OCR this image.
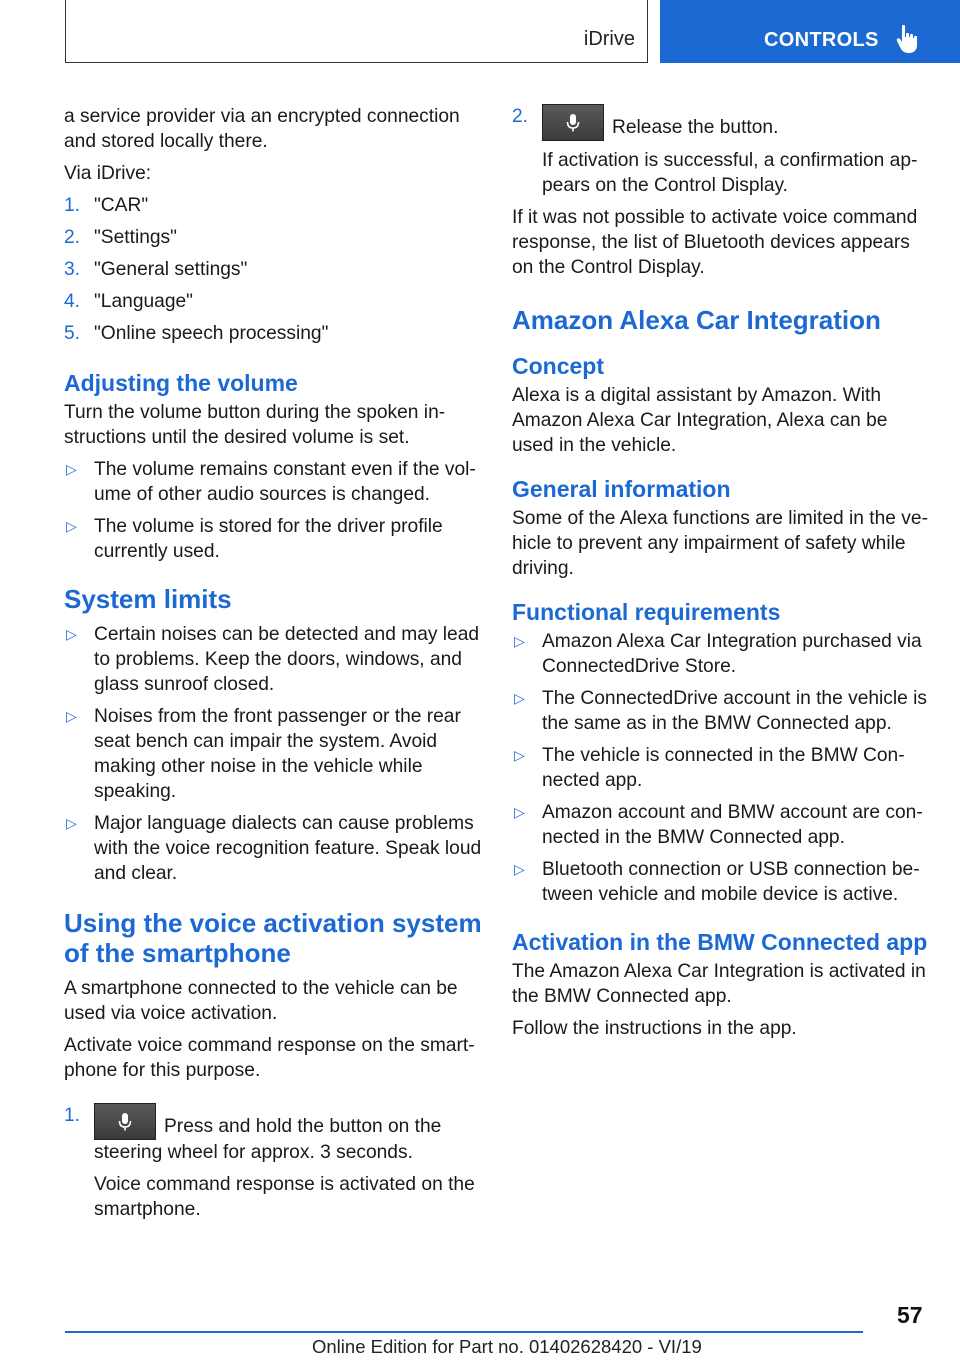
iDrive	CONTROLS

a service provider via an encrypted connection and stored locally there.

Via iDrive:

1. "CAR"
2. "Settings"
3. "General settings"
4. "Language"
5. "Online speech processing"
Adjusting the volume

Turn the volume button during the spoken instructions until the desired volume is set.

▷ The volume remains constant even if the volume of other audio sources is changed.
▷ The volume is stored for the driver profile currently used.
System limits
▷ Certain noises can be detected and may lead to problems. Keep the doors, windows, and glass sunroof closed.
▷ Noises from the front passenger or the rear seat bench can impair the system. Avoid making other noise in the vehicle while speaking.
▷ Major language dialects can cause problems with the voice recognition feature. Speak loud and clear.
Using the voice activation system of the smartphone

A smartphone connected to the vehicle can be used via voice activation.

Activate voice command response on the smartphone for this purpose.

1.
Press and hold the button on the steering wheel for approx. 3 seconds.
Voice command response is activated on the smartphone.
2.
Release the button.
If activation is successful, a confirmation appears on the Control Display.

If it was not possible to activate voice command response, the list of Bluetooth devices appears on the Control Display.

Amazon Alexa Car Integration
Concept

Alexa is a digital assistant by Amazon. With Amazon Alexa Car Integration, Alexa can be used in the vehicle.

General information

Some of the Alexa functions are limited in the vehicle to prevent any impairment of safety while driving.

Functional requirements
▷ Amazon Alexa Car Integration purchased via ConnectedDrive Store.
▷ The ConnectedDrive account in the vehicle is the same as in the BMW Connected app.
▷ The vehicle is connected in the BMW Connected app.
▷ Amazon account and BMW account are connected in the BMW Connected app.
▷ Bluetooth connection or USB connection between vehicle and mobile device is active.
Activation in the BMW Connected app

The Amazon Alexa Car Integration is activated in the BMW Connected app.

Follow the instructions in the app.

57
Online Edition for Part no. 01402628420 - VI/19
